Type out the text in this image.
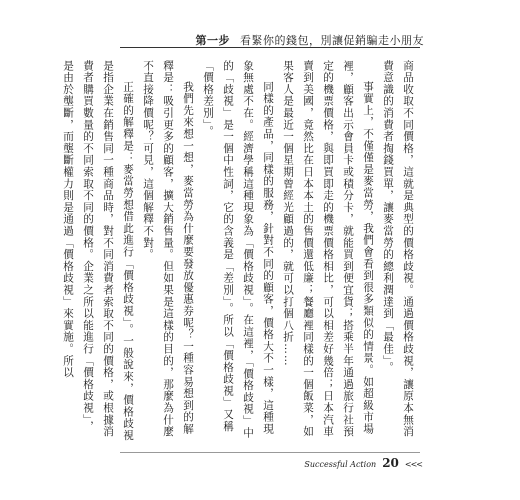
第一步 看緊你的錢包，別讓促銷騙走小朋友

商品收取不同價格，這就是典型的價格歧視。通過價格歧視，讓原本無消費意識的消費者掏錢買單，讓麥當勞的總利潤達到「最佳」。

事實上，不僅僅是麥當勞，我們會看到很多類似的情景。如超級市場裡，顧客出示會員卡或積分卡，就能買到便宜貨；搭乘半年通過旅行社預定的機票價格，與即買即走的機票價格相比，可以相差好幾倍；日本汽車賣到美國，竟然比在日本本土的售價還低廉；餐廳裡同樣的一個飯菜，如果客人是最近一個星期曾經光顧過的，就可以打個八折……

同樣的產品，同樣的服務，針對不同的顧客，價格大不一樣，這種現象無處不在。經濟學稱這種現象為「價格歧視」。在這裡，「價格歧視」中的「歧視」是一個中性詞，它的含義是「差別」。所以「價格歧視」又稱「價格差別」。

我們先來想一想，麥當勞為什麼要發放優惠券呢？一種容易想到的解釋是：吸引更多的顧客，擴大銷售量。但如果是這樣的目的，那麼為什麼不直接降價呢？可見，這個解釋不對。

正確的解釋是：麥當勞想借此進行「價格歧視」。一般說來，價格歧視是指企業在銷售同一種商品時，對不同消費者索取不同的價格，或根據消費者購買數量的不同索取不同的價格。企業之所以能進行「價格歧視」，是由於壟斷，而壟斷權力則是通過「價格歧視」來實施。所以

Successful Action 20 <<<
